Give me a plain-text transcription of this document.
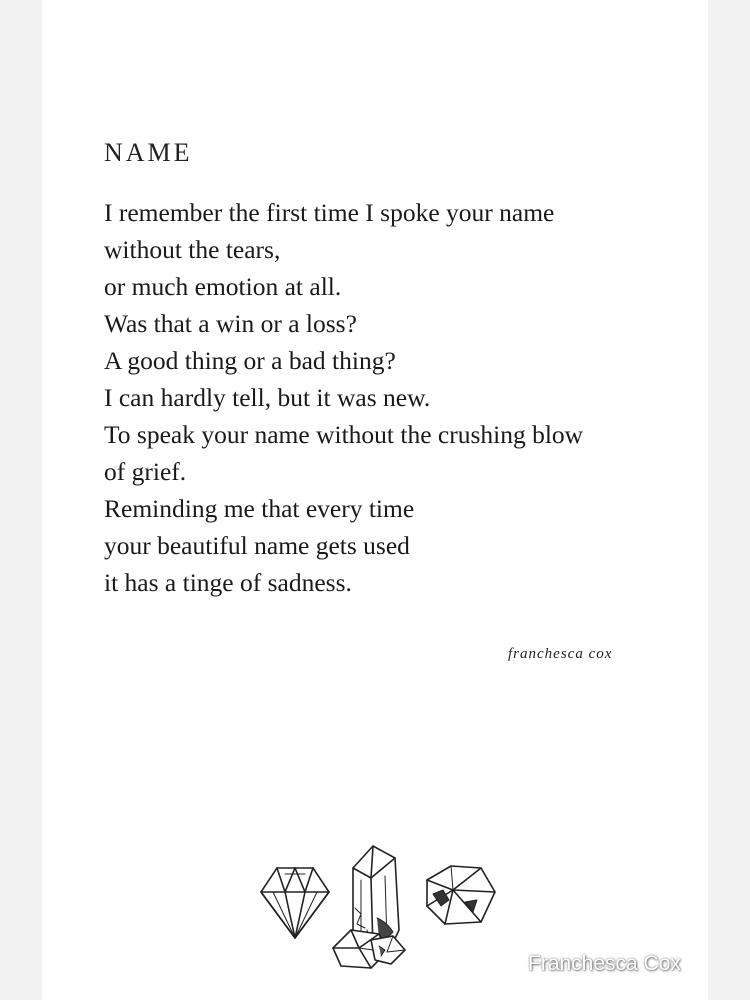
NAME
I remember the first time I spoke your name
without the tears,
or much emotion at all.
Was that a win or a loss?
A good thing or a bad thing?
I can hardly tell, but it was new.
To speak your name without the crushing blow
of grief.
Reminding me that every time
your beautiful name gets used
it has a tinge of sadness.
franchesca cox
Franchesca Cox
